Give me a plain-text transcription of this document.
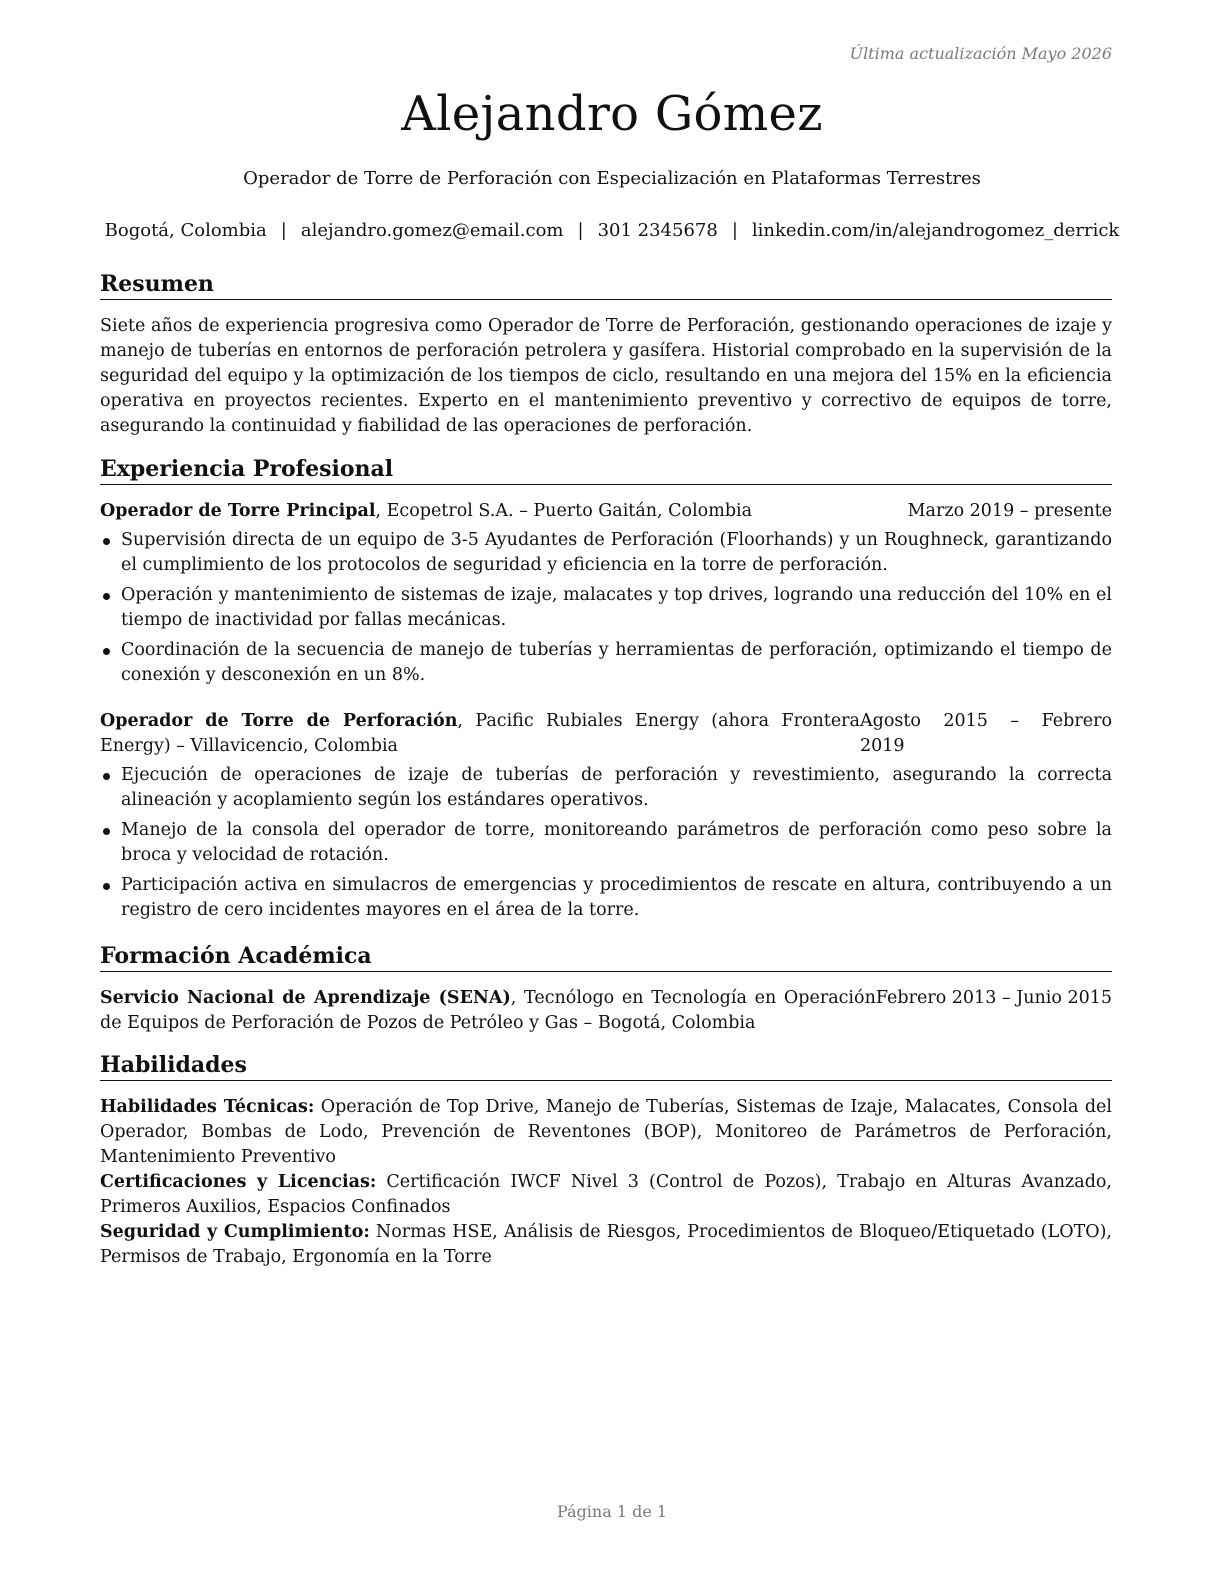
Última actualización Mayo 2026
Alejandro Gómez
Operador de Torre de Perforación con Especialización en Plataformas Terrestres
Bogotá, Colombia | alejandro.gomez@email.com | 301 2345678 | linkedin.com/in/alejandrogomez_derrick
Resumen

Siete años de experiencia progresiva como Operador de Torre de Perforación, gestionando operaciones de izaje y manejo de tuberías en entornos de perforación petrolera y gasífera. Historial comprobado en la supervisión de la seguridad del equipo y la optimización de los tiempos de ciclo, resultando en una mejora del 15% en la eficiencia operativa en proyectos recientes. Experto en el mantenimiento preventivo y correctivo de equipos de torre, asegurando la continuidad y fiabilidad de las operaciones de perforación.

Experiencia Profesional
Operador de Torre Principal, Ecopetrol S.A. – Puerto Gaitán, Colombia	Marzo 2019 – presente
Supervisión directa de un equipo de 3-5 Ayudantes de Perforación (Floorhands) y un Roughneck, garantizando el cumplimiento de los protocolos de seguridad y eficiencia en la torre de perforación.
Operación y mantenimiento de sistemas de izaje, malacates y top drives, logrando una reducción del 10% en el tiempo de inactividad por fallas mecánicas.
Coordinación de la secuencia de manejo de tuberías y herramientas de perforación, optimizando el tiempo de conexión y desconexión en un 8%.
Operador de Torre de Perforación, Pacific Rubiales Energy (ahora Frontera Energy) – Villavicencio, Colombia
Agosto 2015 – Febrero
2019
Ejecución de operaciones de izaje de tuberías de perforación y revestimiento, asegurando la correcta alineación y acoplamiento según los estándares operativos.
Manejo de la consola del operador de torre, monitoreando parámetros de perforación como peso sobre la broca y velocidad de rotación.
Participación activa en simulacros de emergencias y procedimientos de rescate en altura, contribuyendo a un registro de cero incidentes mayores en el área de la torre.
Formación Académica

Servicio Nacional de Aprendizaje (SENA), Tecnólogo en Tecnología en Operación de Equipos de Perforación de Pozos de Petróleo y Gas – Bogotá, Colombia

Febrero 2013 – Junio 2015
Habilidades

Habilidades Técnicas: Operación de Top Drive, Manejo de Tuberías, Sistemas de Izaje, Malacates, Consola del Operador, Bombas de Lodo, Prevención de Reventones (BOP), Monitoreo de Parámetros de Perforación, Mantenimiento Preventivo

Certificaciones y Licencias: Certificación IWCF Nivel 3 (Control de Pozos), Trabajo en Alturas Avanzado, Primeros Auxilios, Espacios Confinados

Seguridad y Cumplimiento: Normas HSE, Análisis de Riesgos, Procedimientos de Bloqueo/Etiquetado (LOTO), Permisos de Trabajo, Ergonomía en la Torre

Página 1 de 1
